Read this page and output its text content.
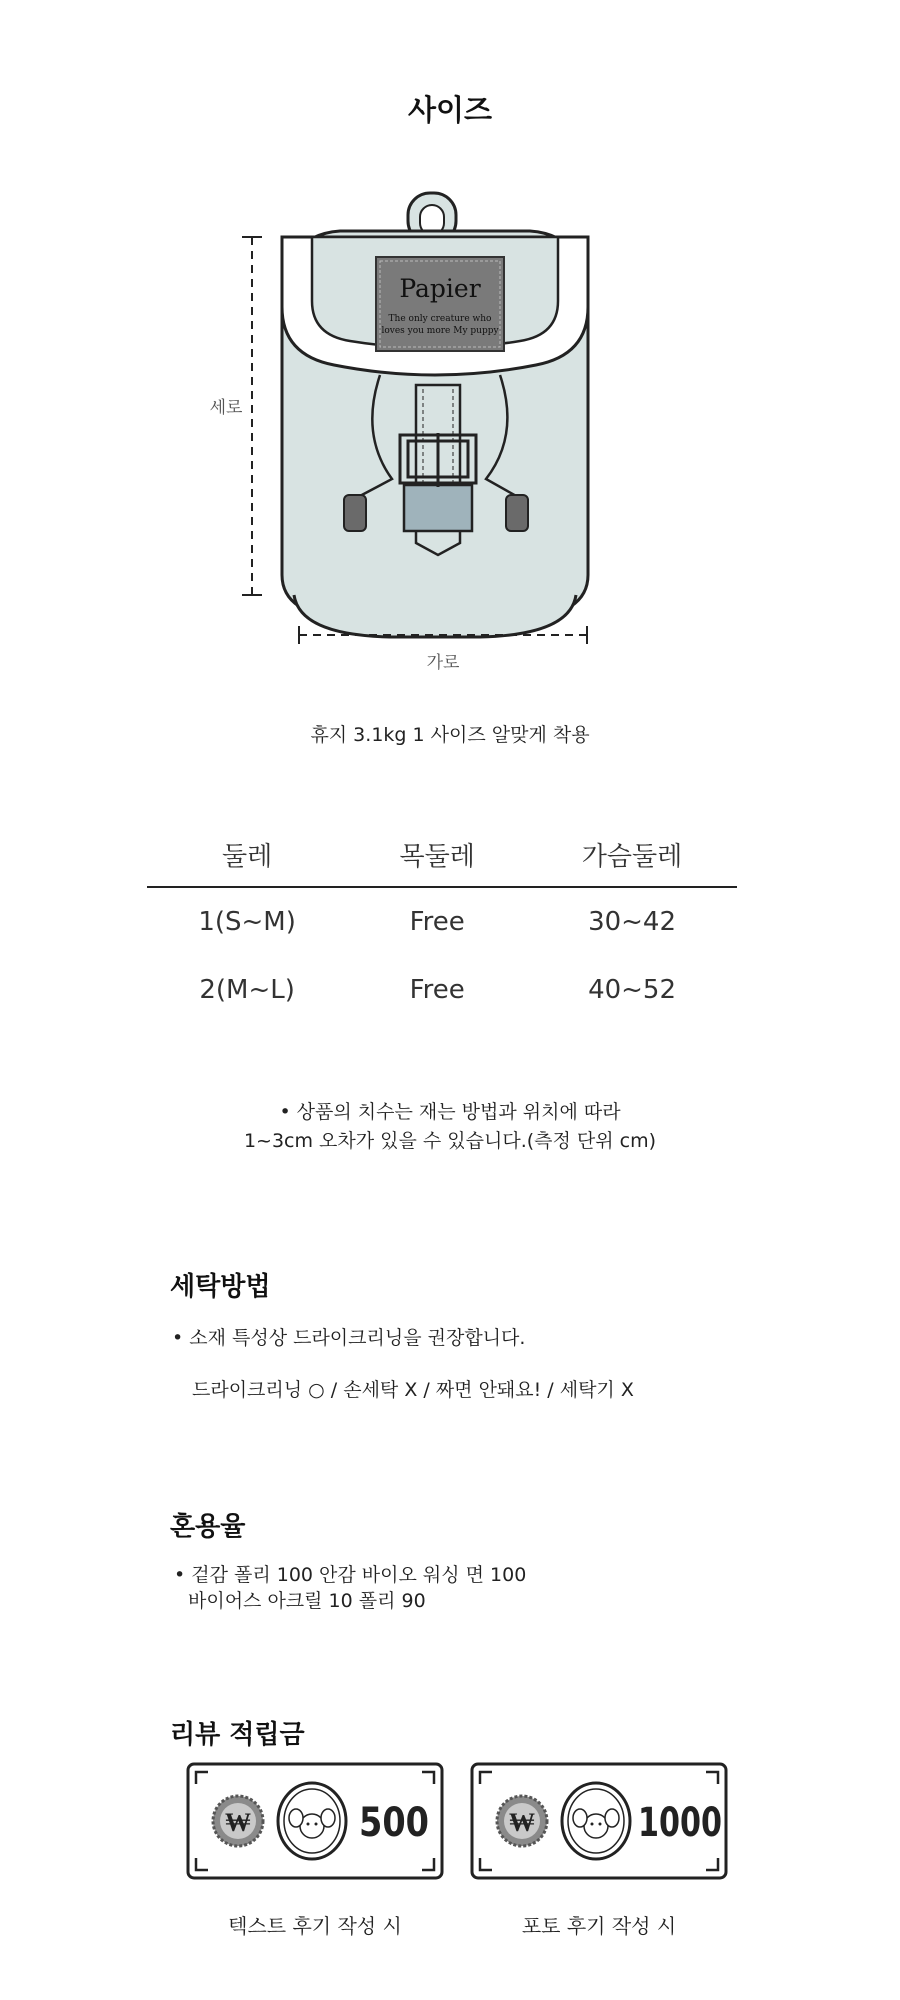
사이즈
세로
Papier
The only creature who
loves you more My puppy
가로
휴지 3.1kg 1 사이즈 알맞게 착용
둘레	목둘레	가슴둘레
1(S~M)	Free	30~42
2(M~L)	Free	40~52
• 상품의 치수는 재는 방법과 위치에 따라
1~3cm 오차가 있을 수 있습니다.(측정 단위 cm)
세탁방법
• 소재 특성상 드라이크리닝을 권장합니다.
드라이크리닝 ○ / 손세탁 X / 짜면 안돼요! / 세탁기 X
혼용율
• 겉감 폴리 100 안감 바이오 워싱 면 100
바이어스 아크릴 10 폴리 90
리뷰 적립금
₩	500
텍스트 후기 작성 시
₩	1000
포토 후기 작성 시
